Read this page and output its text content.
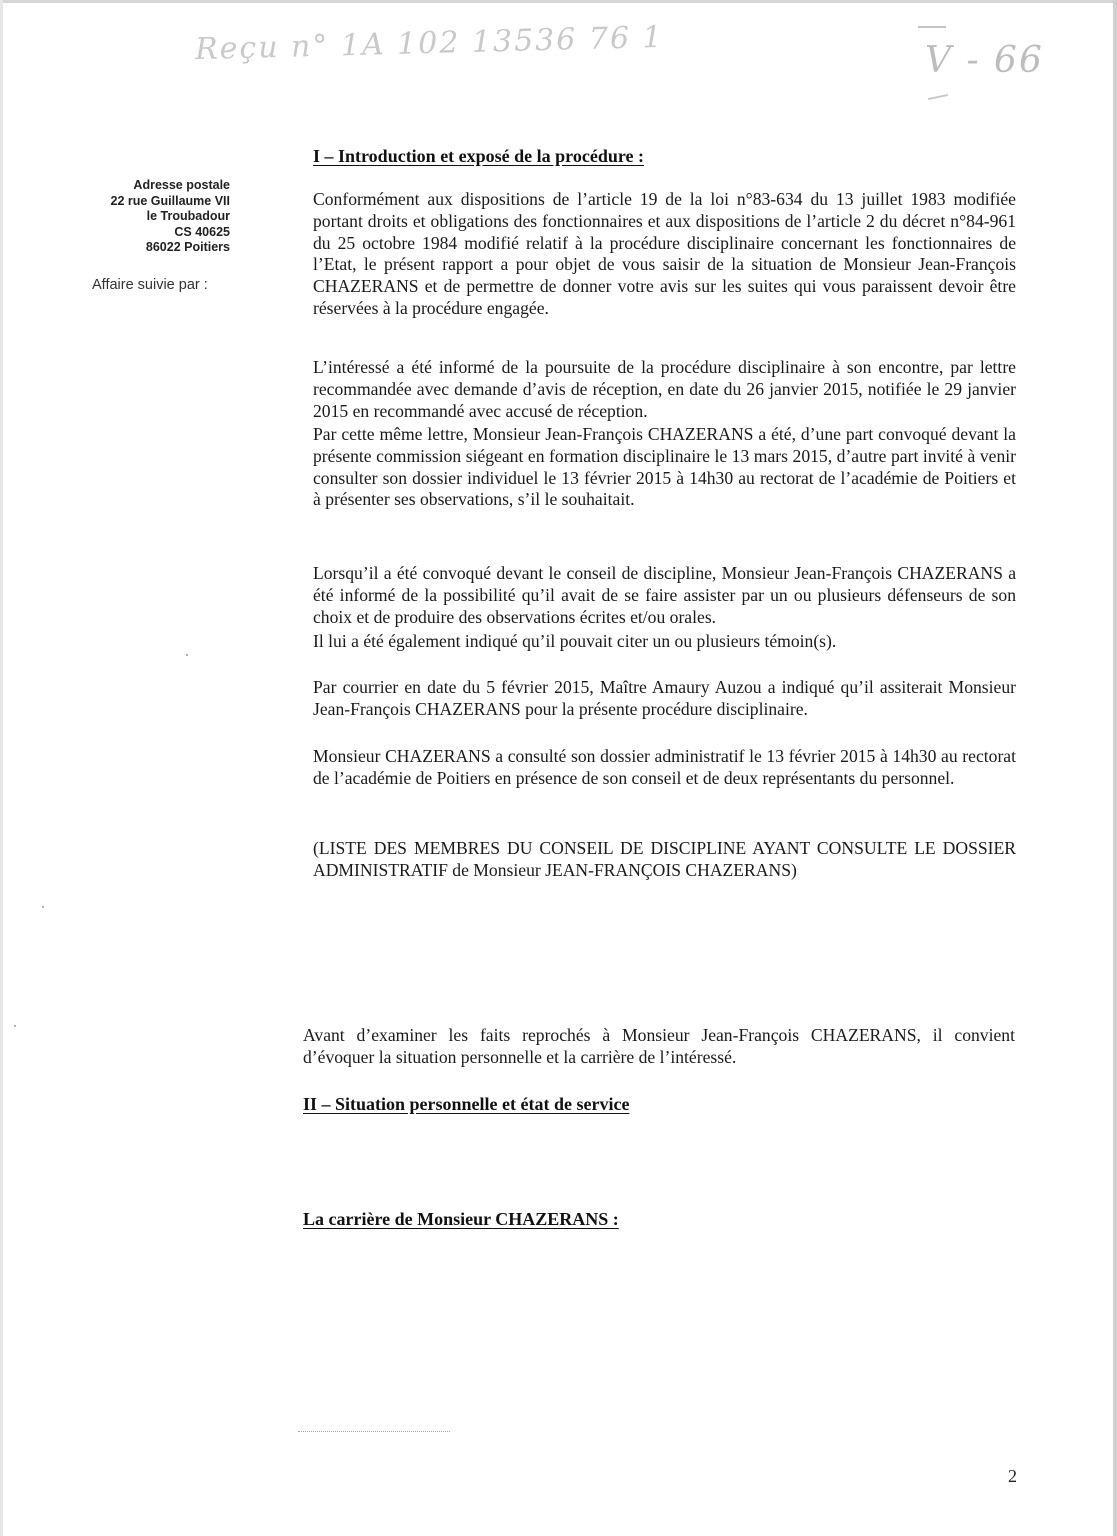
Reçu n° 1A 102 13536 76 1	V - 66
Adresse postale
22 rue Guillaume VII
le Troubadour
CS 40625
86022 Poitiers
Affaire suivie par :
I – Introduction et exposé de la procédure :

Conformément aux dispositions de l’article 19 de la loi n°83-634 du 13 juillet 1983 modifiée portant droits et obligations des fonctionnaires et aux dispositions de l’article 2 du décret n°84-961 du 25 octobre 1984 modifié relatif à la procédure disciplinaire concernant les fonctionnaires de l’Etat, le présent rapport a pour objet de vous saisir de la situation de Monsieur Jean-François CHAZERANS et de permettre de donner votre avis sur les suites qui vous paraissent devoir être réservées à la procédure engagée.

L’intéressé a été informé de la poursuite de la procédure disciplinaire à son encontre, par lettre recommandée avec demande d’avis de réception, en date du 26 janvier 2015, notifiée le 29 janvier 2015 en recommandé avec accusé de réception.

Par cette même lettre, Monsieur Jean-François CHAZERANS a été, d’une part convoqué devant la présente commission siégeant en formation disciplinaire le 13 mars 2015, d’autre part invité à venir consulter son dossier individuel le 13 février 2015 à 14h30 au rectorat de l’académie de Poitiers et à présenter ses observations, s’il le souhaitait.

Lorsqu’il a été convoqué devant le conseil de discipline, Monsieur Jean-François CHAZERANS a été informé de la possibilité qu’il avait de se faire assister par un ou plusieurs défenseurs de son choix et de produire des observations écrites et/ou orales.

Il lui a été également indiqué qu’il pouvait citer un ou plusieurs témoin(s).

Par courrier en date du 5 février 2015, Maître Amaury Auzou a indiqué qu’il assiterait Monsieur Jean-François CHAZERANS pour la présente procédure disciplinaire.

Monsieur CHAZERANS a consulté son dossier administratif le 13 février 2015 à 14h30 au rectorat de l’académie de Poitiers en présence de son conseil et de deux représentants du personnel.

(LISTE DES MEMBRES DU CONSEIL DE DISCIPLINE AYANT CONSULTE LE DOSSIER ADMINISTRATIF de Monsieur JEAN-FRANÇOIS CHAZERANS)

Avant d’examiner les faits reprochés à Monsieur Jean-François CHAZERANS, il convient d’évoquer la situation personnelle et la carrière de l’intéressé.

II – Situation personnelle et état de service
La carrière de Monsieur CHAZERANS :
2
